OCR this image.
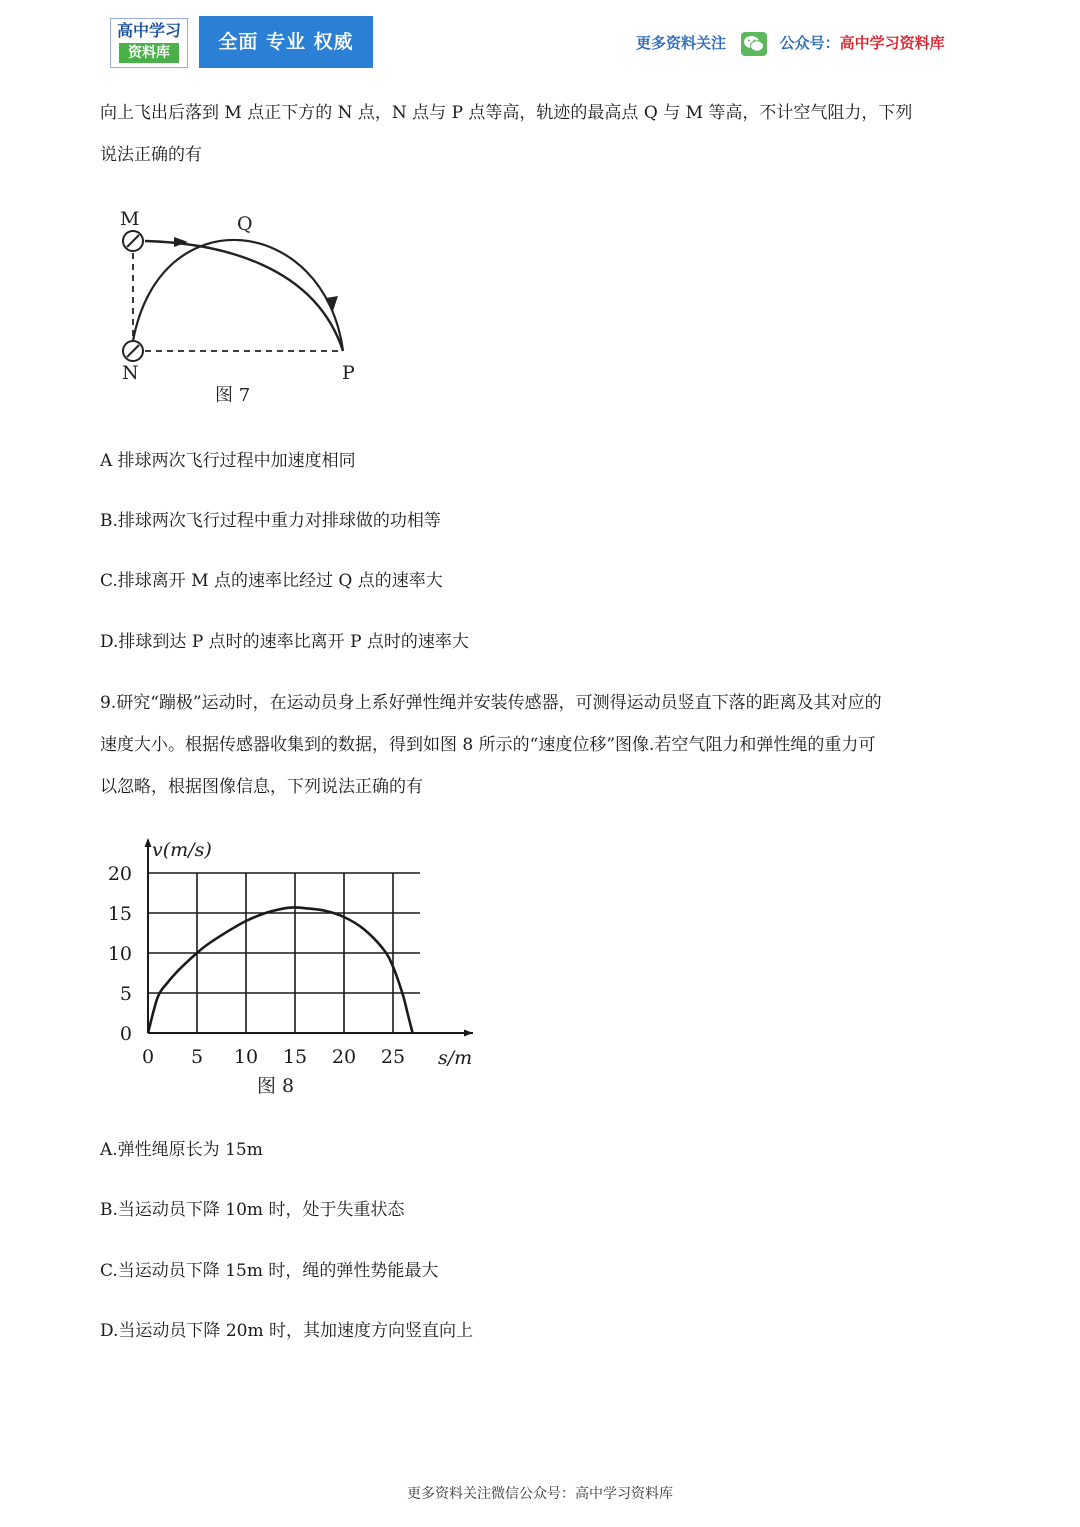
高中学习
资料库	全面 专业 权威	更多资料关注	公众号：高中学习资料库
向上飞出后落到 M 点正下方的 N 点，N 点与 P 点等高，轨迹的最高点 Q 与 M 等高，不计空气阻力，下列
说法正确的有
M	Q
N	P
图 7
A 排球两次飞行过程中加速度相同
B.排球两次飞行过程中重力对排球做的功相等
C.排球离开 M 点的速率比经过 Q 点的速率大
D.排球到达 P 点时的速率比离开 P 点时的速率大
9.研究“蹦极”运动时，在运动员身上系好弹性绳并安装传感器，可测得运动员竖直下落的距离及其对应的
速度大小。根据传感器收集到的数据，得到如图 8 所示的“速度位移”图像.若空气阻力和弹性绳的重力可
以忽略，根据图像信息，下列说法正确的有
0
5
10
15
20
0 5 10 15 20 25
v(m/s)
s/m
图 8
A.弹性绳原长为 15m
B.当运动员下降 10m 时，处于失重状态
C.当运动员下降 15m 时，绳的弹性势能最大
D.当运动员下降 20m 时，其加速度方向竖直向上
更多资料关注微信公众号：高中学习资料库
